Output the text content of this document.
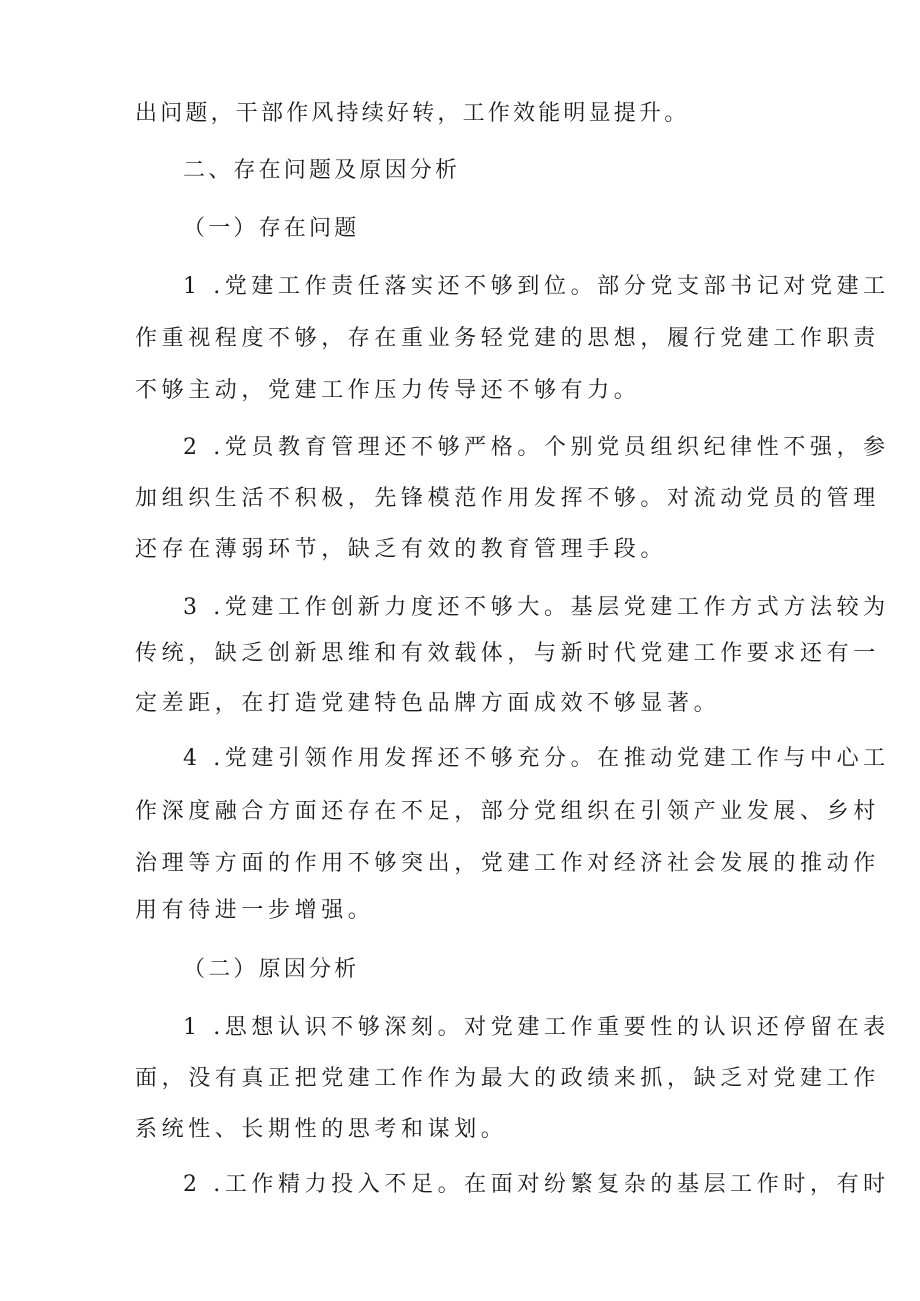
出问题，干部作风持续好转，工作效能明显提升。
二、存在问题及原因分析
（一）存在问题
1 .党建工作责任落实还不够到位。部分党支部书记对党建工
作重视程度不够，存在重业务轻党建的思想，履行党建工作职责
不够主动，党建工作压力传导还不够有力。
2 .党员教育管理还不够严格。个别党员组织纪律性不强，参
加组织生活不积极，先锋模范作用发挥不够。对流动党员的管理
还存在薄弱环节，缺乏有效的教育管理手段。
3 .党建工作创新力度还不够大。基层党建工作方式方法较为
传统，缺乏创新思维和有效载体，与新时代党建工作要求还有一
定差距，在打造党建特色品牌方面成效不够显著。
4 .党建引领作用发挥还不够充分。在推动党建工作与中心工
作深度融合方面还存在不足，部分党组织在引领产业发展、乡村
治理等方面的作用不够突出，党建工作对经济社会发展的推动作
用有待进一步增强。
（二）原因分析
1 .思想认识不够深刻。对党建工作重要性的认识还停留在表
面，没有真正把党建工作作为最大的政绩来抓，缺乏对党建工作
系统性、长期性的思考和谋划。
2 .工作精力投入不足。在面对纷繁复杂的基层工作时，有时
